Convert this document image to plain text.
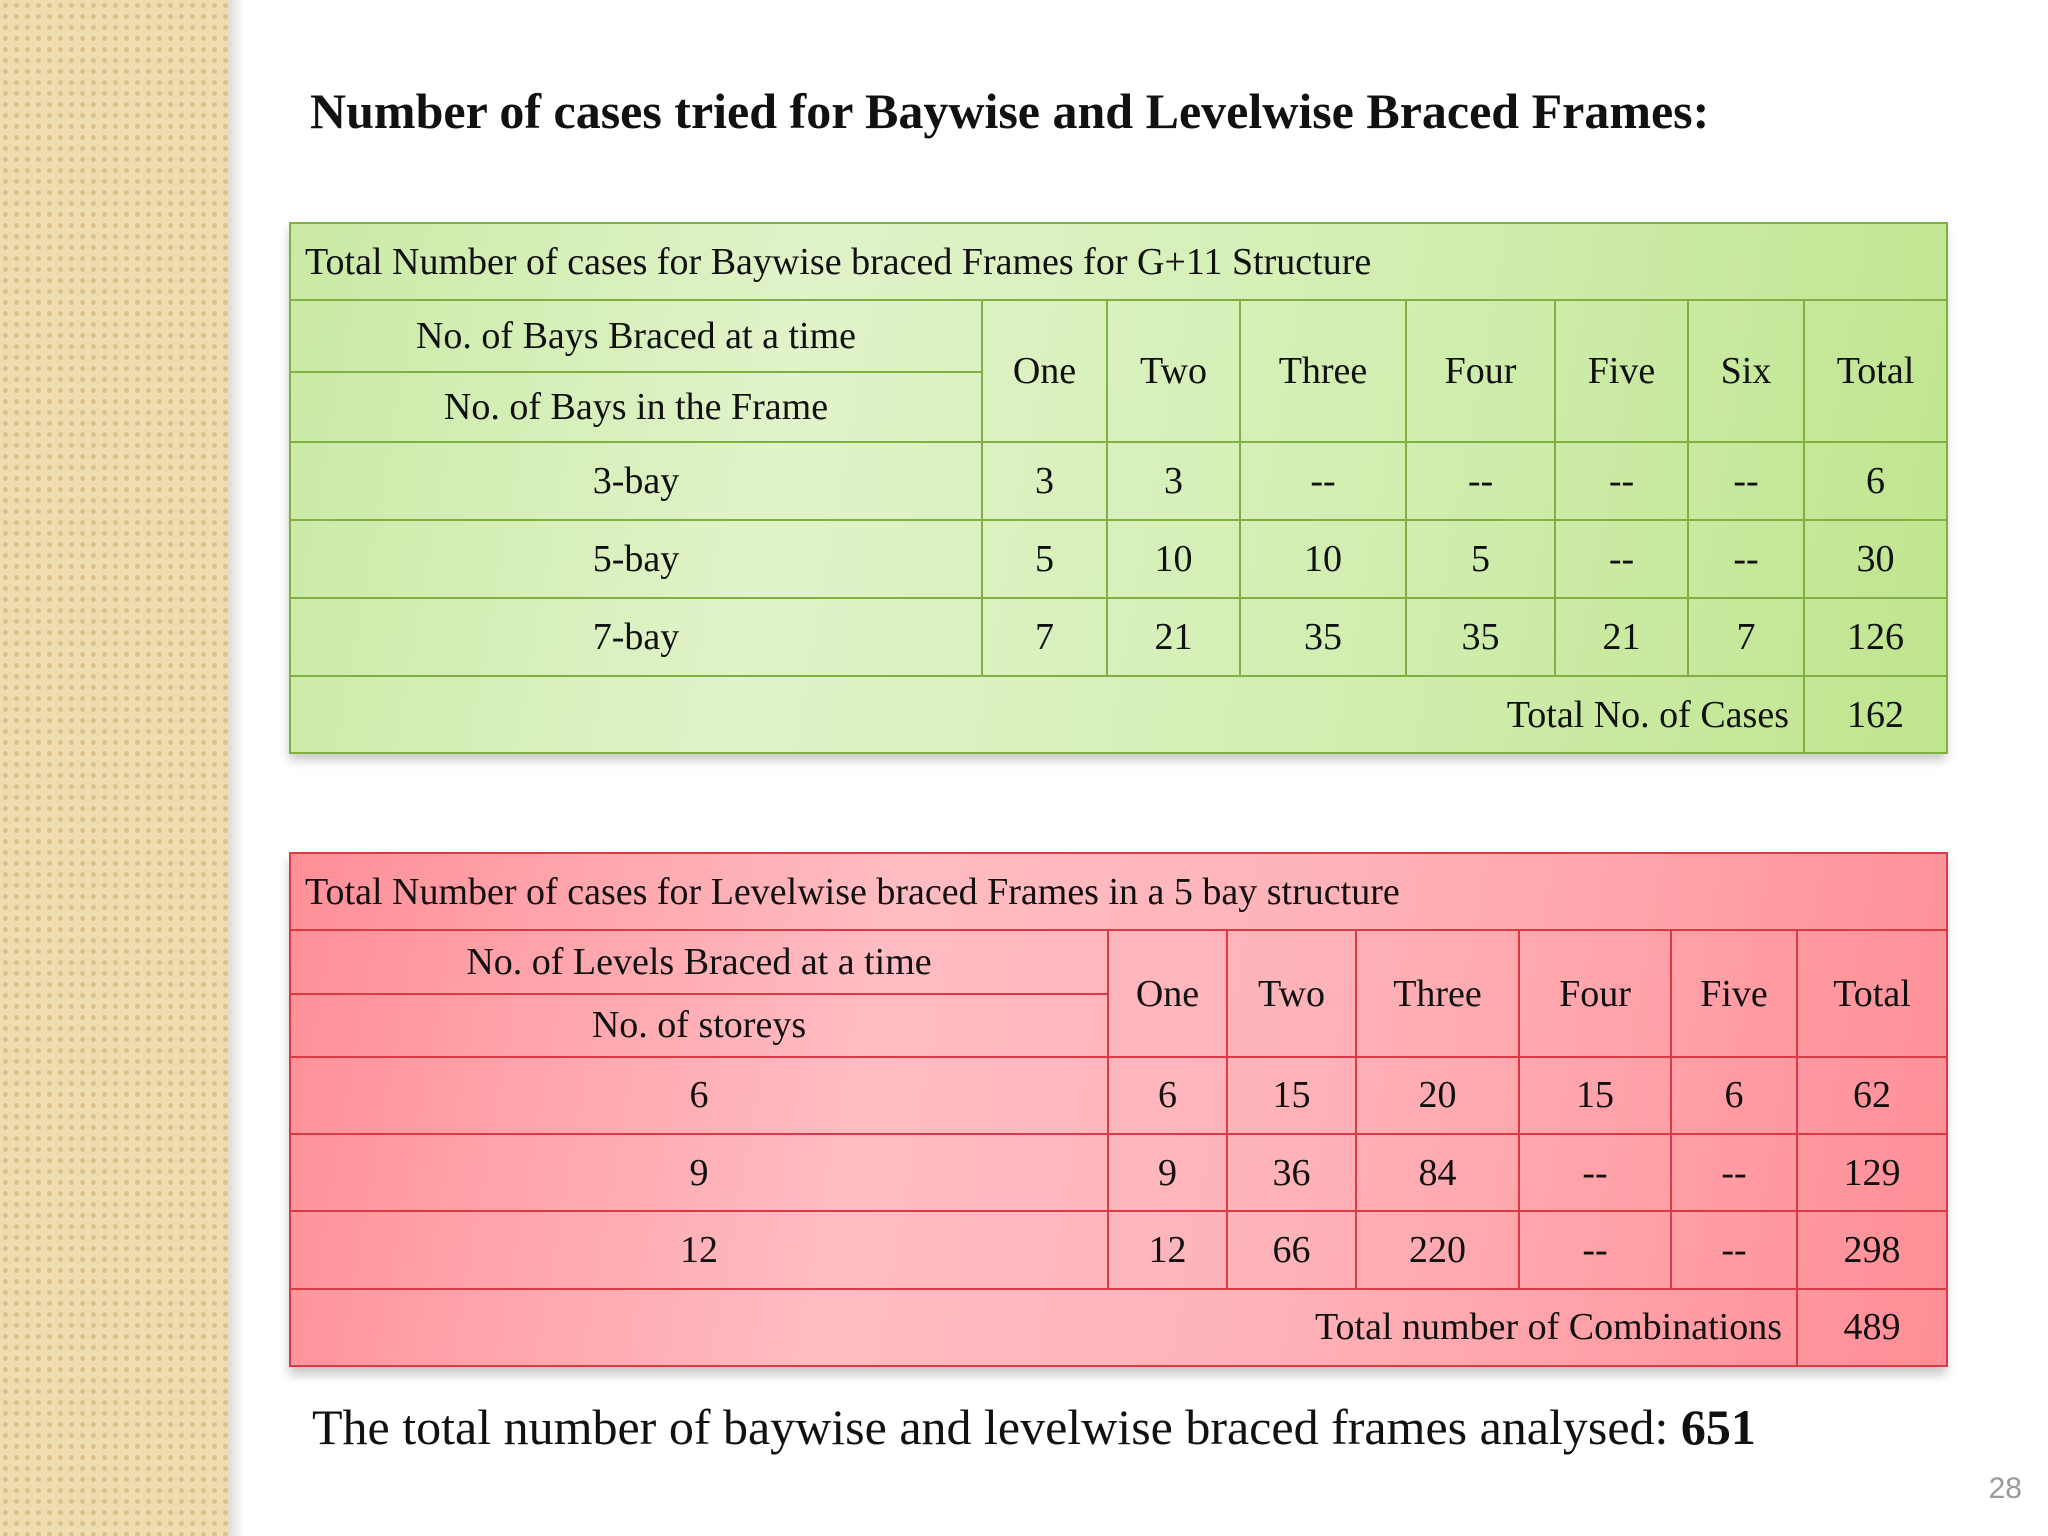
Number of cases tried for Baywise and Levelwise Braced Frames:
Total Number of cases for Baywise braced Frames for G+11 Structure							
No. of Bays Braced at a time	One	Two	Three	Four	Five	Six	Total
No. of Bays in the Frame							
3-bay	3	3	--	--	--	--	6
5-bay	5	10	10	5	--	--	30
7-bay	7	21	35	35	21	7	126
Total No. of Cases							162
Total Number of cases for Levelwise braced Frames in a 5 bay structure						
No. of Levels Braced at a time	One	Two	Three	Four	Five	Total
No. of storeys						
6	6	15	20	15	6	62
9	9	36	84	--	--	129
12	12	66	220	--	--	298
Total number of Combinations						489
The total number of baywise and levelwise braced frames analysed: 651
28
